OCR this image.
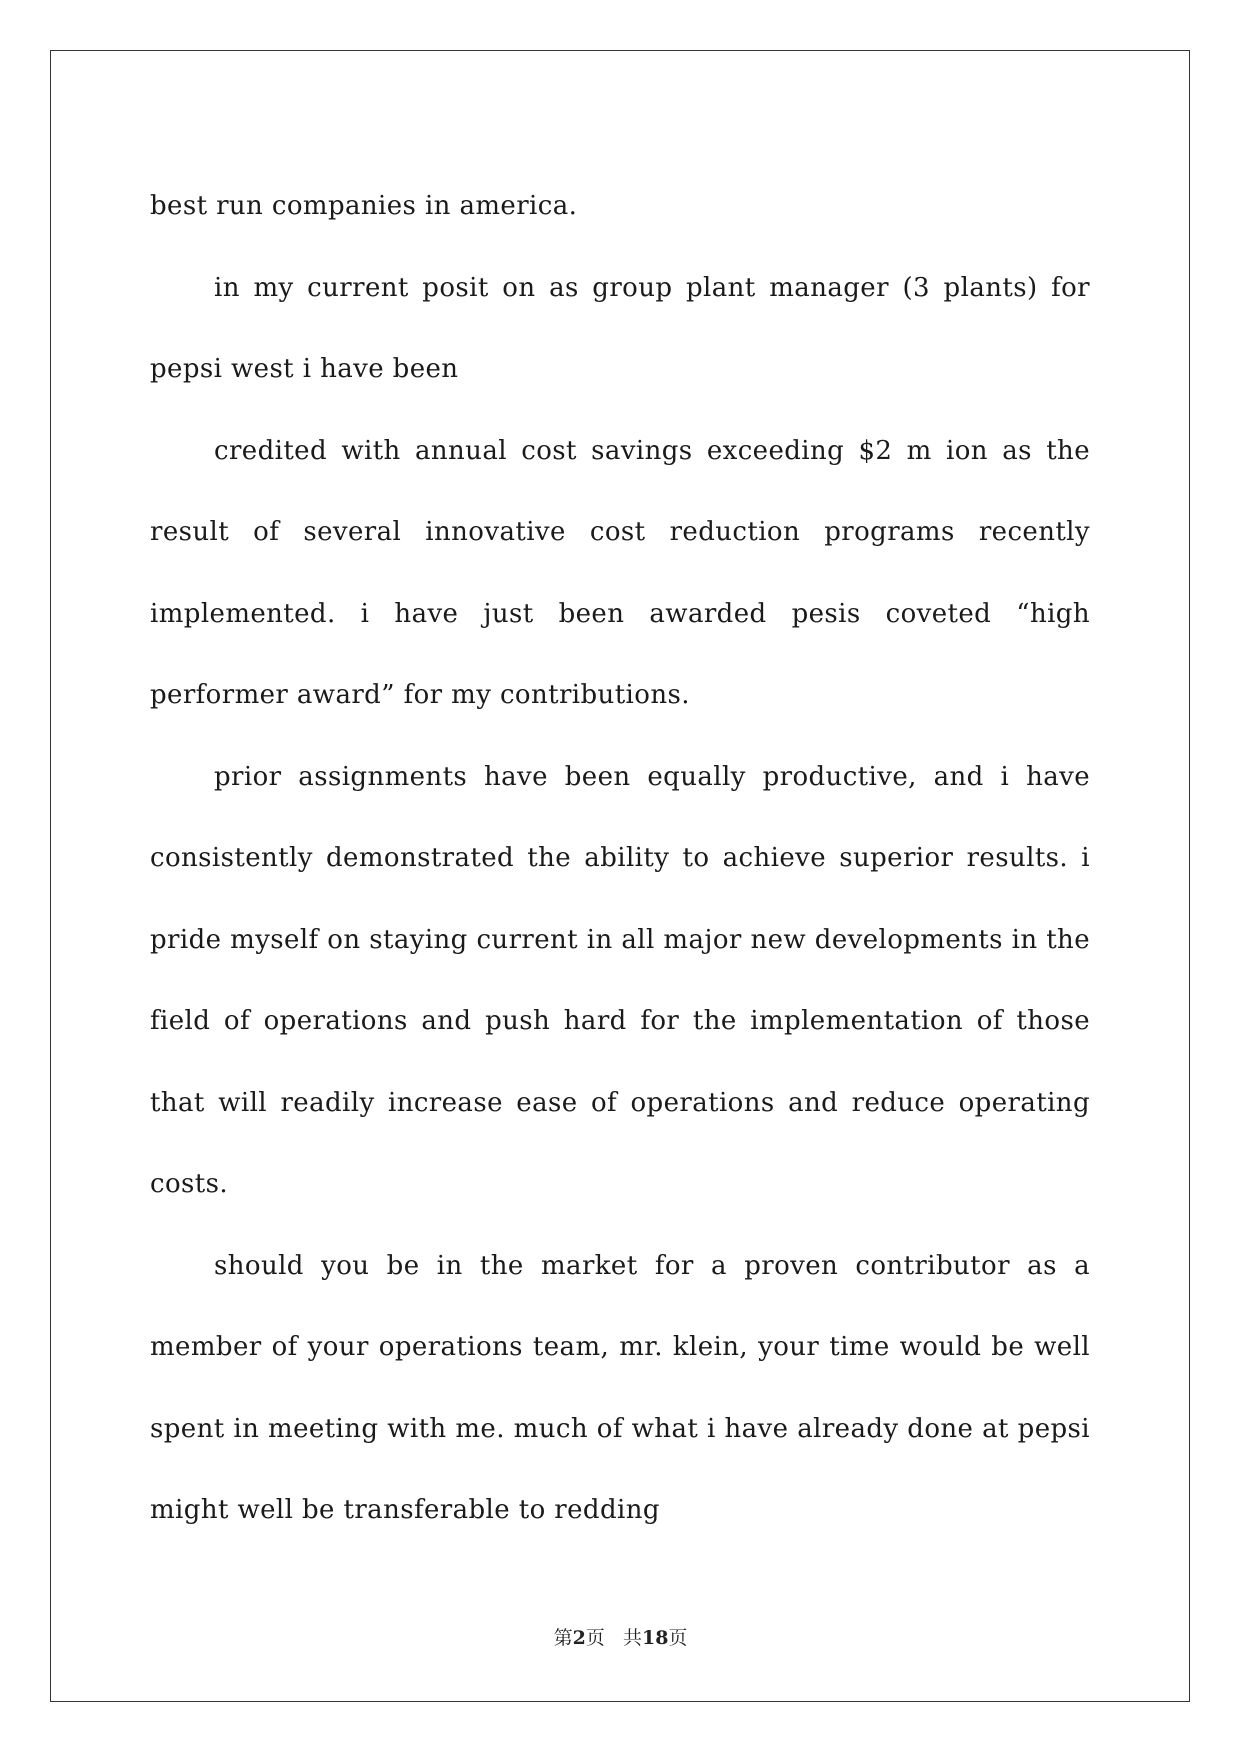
best run companies in america.

in my current posit on as group plant manager (3 plants) for pepsi west i have been

credited with annual cost savings exceeding $2 m ion as the result of several innovative cost reduction programs recently implemented. i have just been awarded pesis coveted “high performer award” for my contributions.

prior assignments have been equally productive, and i have consistently demonstrated the ability to achieve superior results. i pride myself on staying current in all major new developments in the field of operations and push hard for the implementation of those that will readily increase ease of operations and reduce operating costs.

should you be in the market for a proven contributor as a member of your operations team, mr. klein, your time would be well spent in meeting with me. much of what i have already done at pepsi might well be transferable to redding

第2页 共18页
